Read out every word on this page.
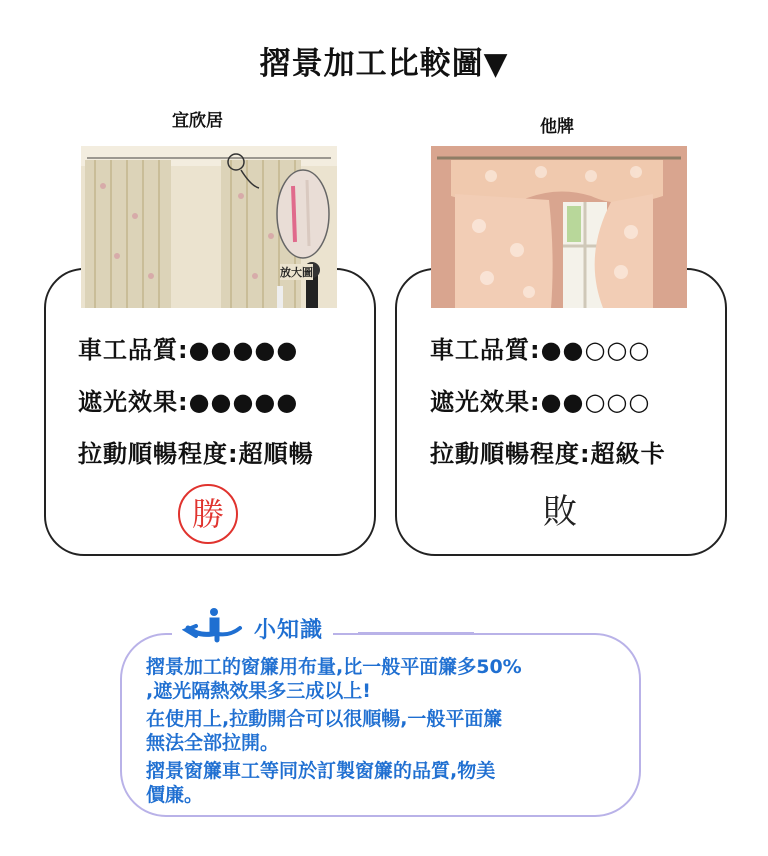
摺景加工比較圖▼
宜欣居
放大圖
車工品質:●●●●●
遮光效果:●●●●●
拉動順暢程度:超順暢
勝
他牌
車工品質:●●○○○
遮光效果:●●○○○
拉動順暢程度:超級卡
敗
小知識
摺景加工的窗簾用布量,比一般平面簾多50%
,遮光隔熱效果多三成以上!
在使用上,拉動開合可以很順暢,一般平面簾
無法全部拉開。
摺景窗簾車工等同於訂製窗簾的品質,物美
價廉。
